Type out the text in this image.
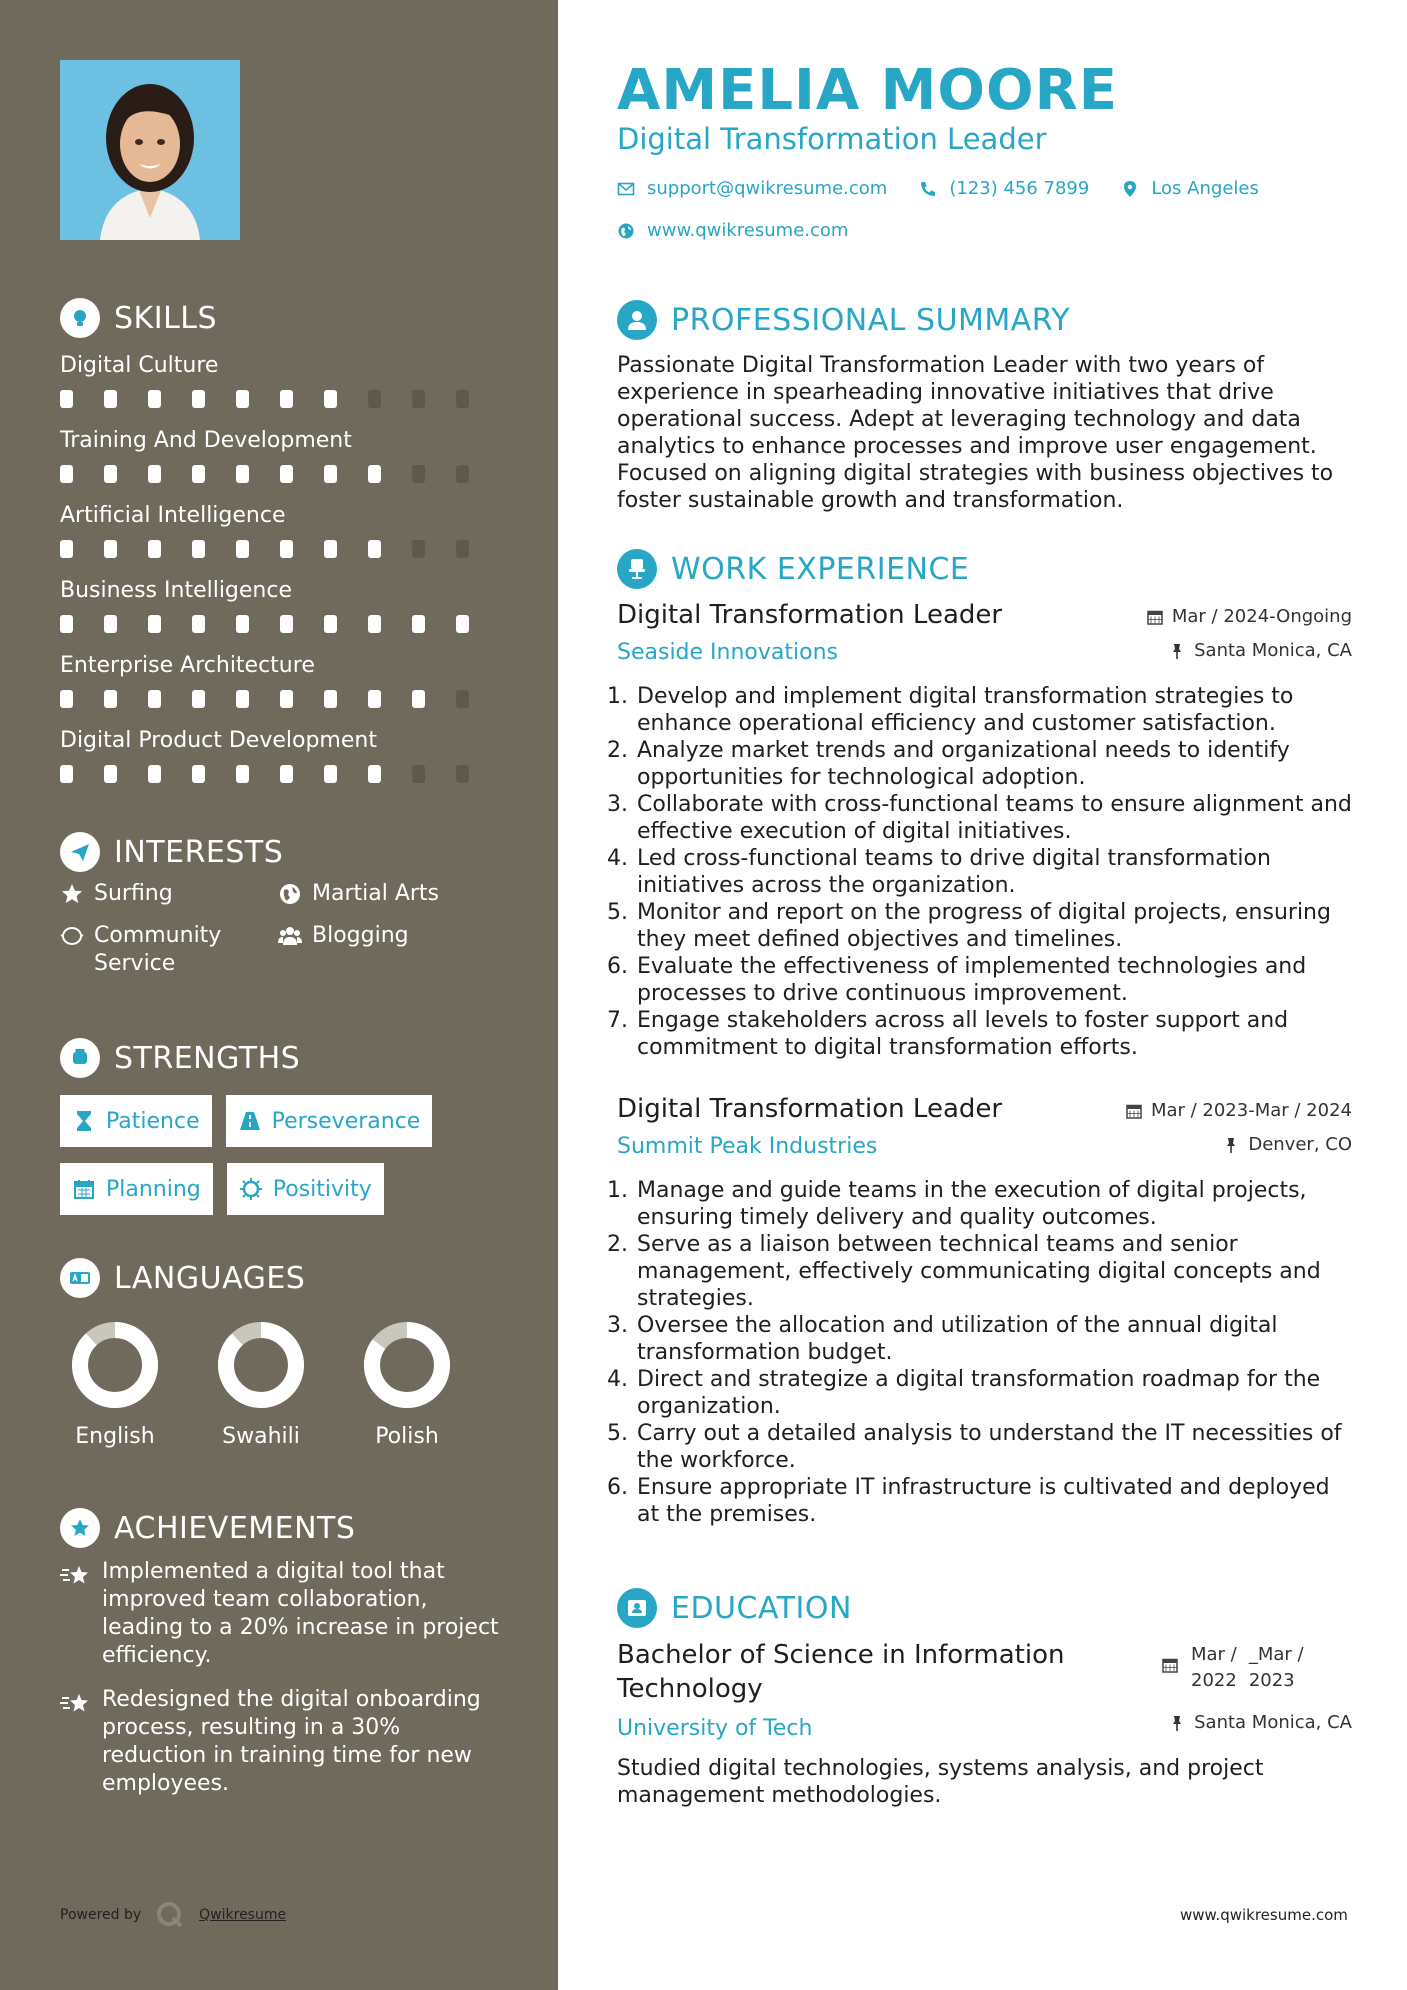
SKILLS
Digital Culture
Training And Development
Artificial Intelligence
Business Intelligence
Enterprise Architecture
Digital Product Development
INTERESTS
Surfing	Martial Arts
Community Service
Blogging
STRENGTHS
Patience	Perseverance
Planning	Positivity
LANGUAGES
English	Swahili	Polish
ACHIEVEMENTS

Implemented a digital tool that improved team collaboration, leading to a 20% increase in project efficiency.

Redesigned the digital onboarding process, resulting in a 30% reduction in training time for new employees.

Powered by	Qwikresume
AMELIA MOORE
Digital Transformation Leader
support@qwikresume.com	(123) 456 7899	Los Angeles
www.qwikresume.com
PROFESSIONAL SUMMARY

Passionate Digital Transformation Leader with two years of experience in spearheading innovative initiatives that drive operational success. Adept at leveraging technology and data analytics to enhance processes and improve user engagement. Focused on aligning digital strategies with business objectives to foster sustainable growth and transformation.

WORK EXPERIENCE
Digital Transformation Leader
Seaside Innovations
Mar / 2024-Ongoing
Santa Monica, CA
1. Develop and implement digital transformation strategies to enhance operational efficiency and customer satisfaction.
2. Analyze market trends and organizational needs to identify opportunities for technological adoption.
3. Collaborate with cross-functional teams to ensure alignment and effective execution of digital initiatives.
4. Led cross-functional teams to drive digital transformation initiatives across the organization.
5. Monitor and report on the progress of digital projects, ensuring they meet defined objectives and timelines.
6. Evaluate the effectiveness of implemented technologies and processes to drive continuous improvement.
7. Engage stakeholders across all levels to foster support and commitment to digital transformation efforts.
Digital Transformation Leader
Summit Peak Industries
Mar / 2023-Mar / 2024
Denver, CO
1. Manage and guide teams in the execution of digital projects, ensuring timely delivery and quality outcomes.
2. Serve as a liaison between technical teams and senior management, effectively communicating digital concepts and strategies.
3. Oversee the allocation and utilization of the annual digital transformation budget.
4. Direct and strategize a digital transformation roadmap for the organization.
5. Carry out a detailed analysis to understand the IT necessities of the workforce.
6. Ensure appropriate IT infrastructure is cultivated and deployed at the premises.
EDUCATION
Bachelor of Science in Information Technology
University of Tech
Mar /
2022
_Mar /
2023
Santa Monica, CA

Studied digital technologies, systems analysis, and project management methodologies.

www.qwikresume.com
